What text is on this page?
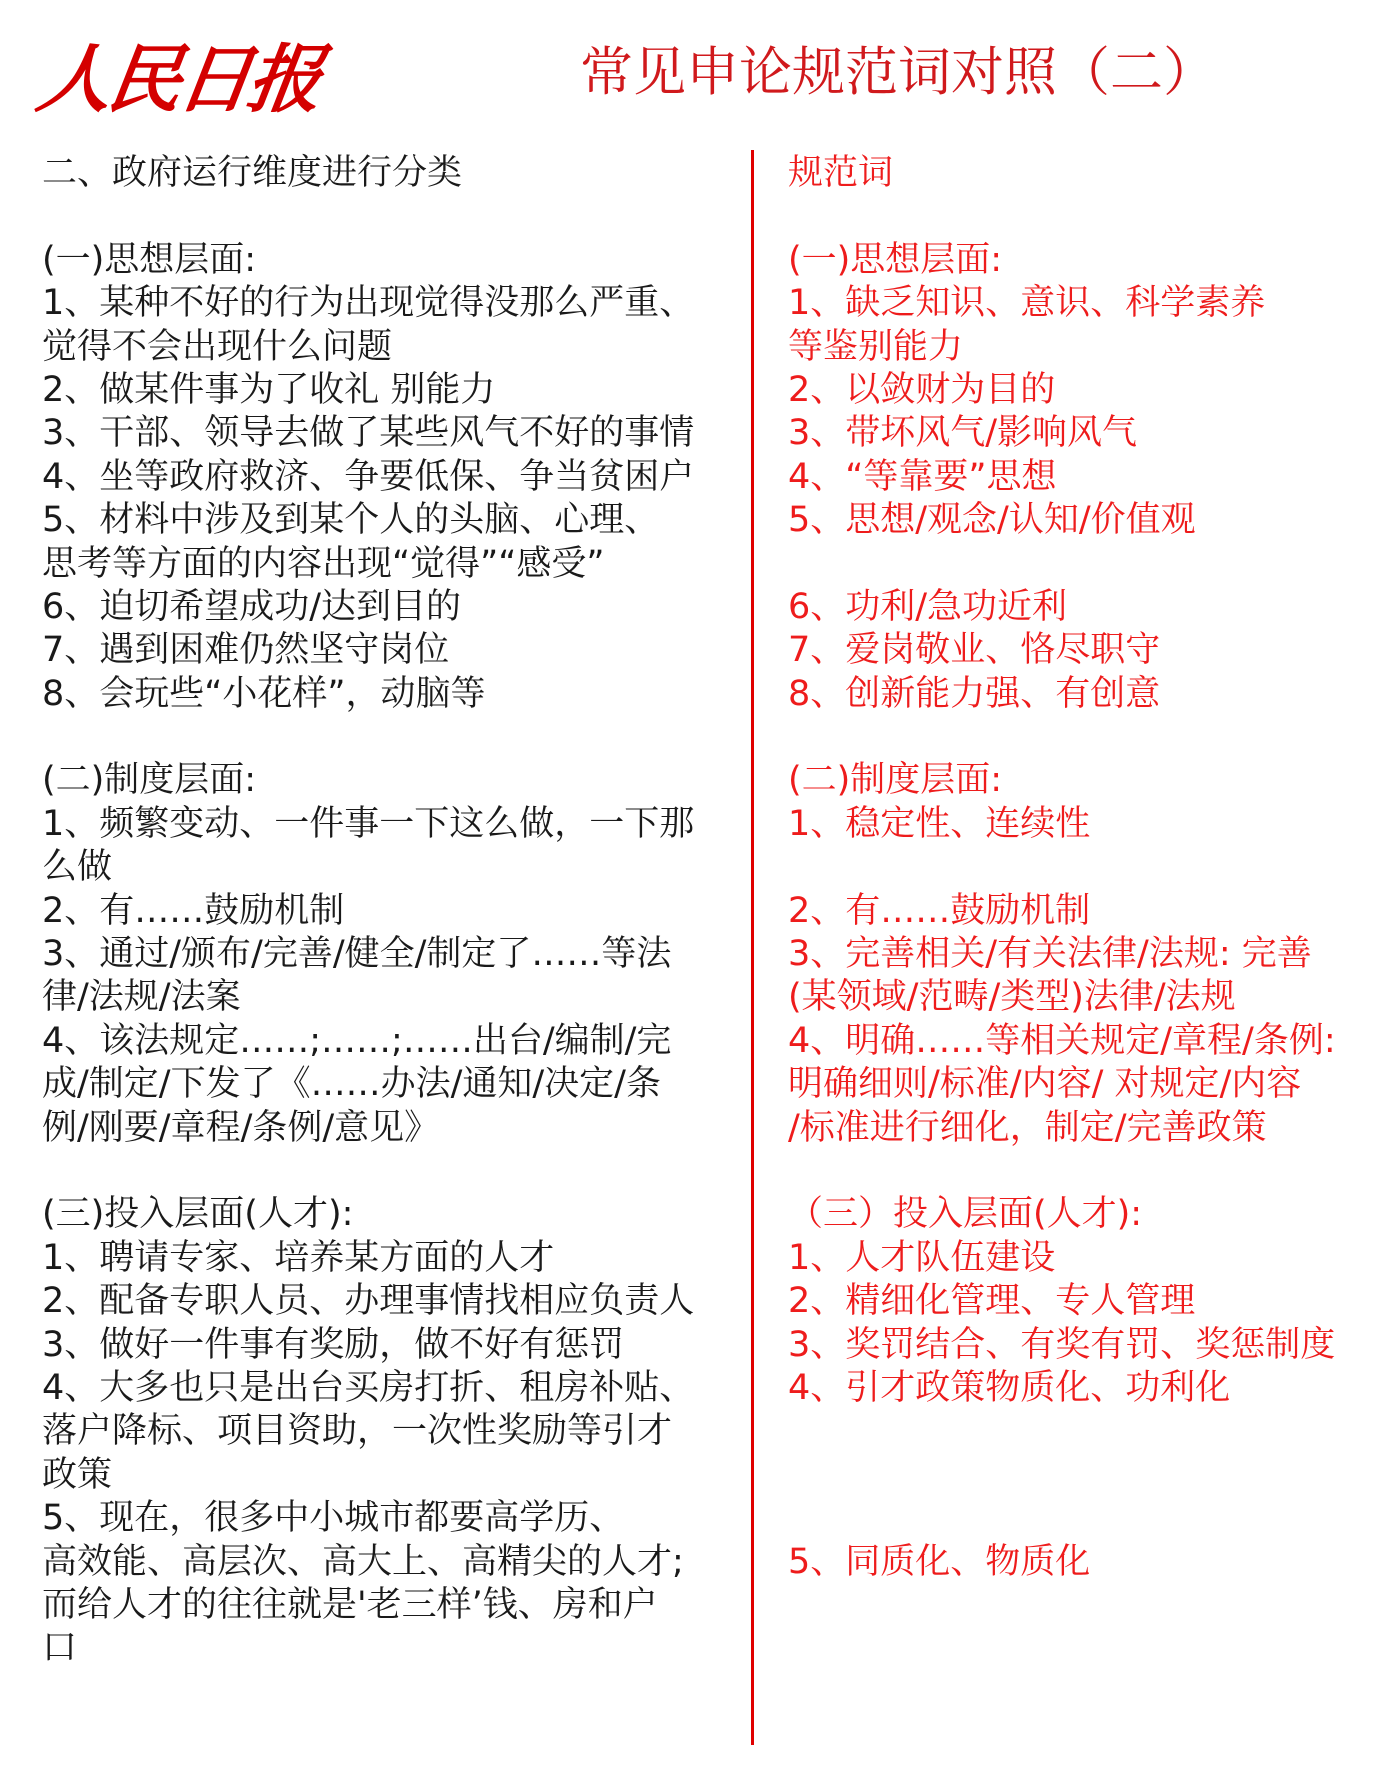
人民日报	常见申论规范词对照（二）
二、政府运行维度进行分类
(一)思想层面:
1、某种不好的行为出现觉得没那么严重、
觉得不会出现什么问题
2、做某件事为了收礼 别能力
3、干部、领导去做了某些风气不好的事情
4、坐等政府救济、争要低保、争当贫困户
5、材料中涉及到某个人的头脑、心理、
思考等方面的内容出现“觉得”“感受”
6、迫切希望成功/达到目的
7、遇到困难仍然坚守岗位
8、会玩些“小花样”，动脑等
(二)制度层面:
1、频繁变动、一件事一下这么做，一下那
么做
2、有……鼓励机制
3、通过/颁布/完善/健全/制定了……等法
律/法规/法案
4、该法规定……;……;……出台/编制/完
成/制定/下发了《……办法/通知/决定/条
例/刚要/章程/条例/意见》
(三)投入层面(人才):
1、聘请专家、培养某方面的人才
2、配备专职人员、办理事情找相应负责人
3、做好一件事有奖励，做不好有惩罚
4、大多也只是出台买房打折、租房补贴、
落户降标、项目资助，一次性奖励等引才
政策
5、现在，很多中小城市都要高学历、
高效能、高层次、高大上、高精尖的人才;
而给人才的往往就是'老三样’钱、房和户
口
规范词
(一)思想层面:
1、缺乏知识、意识、科学素养
等鉴别能力
2、以敛财为目的
3、带坏风气/影响风气
4、“等靠要”思想
5、思想/观念/认知/价值观
6、功利/急功近利
7、爱岗敬业、恪尽职守
8、创新能力强、有创意
(二)制度层面:
1、稳定性、连续性
2、有……鼓励机制
3、完善相关/有关法律/法规: 完善
(某领域/范畴/类型)法律/法规
4、明确……等相关规定/章程/条例:
明确细则/标准/内容/ 对规定/内容
/标准进行细化，制定/完善政策
（三）投入层面(人才):
1、人才队伍建设
2、精细化管理、专人管理
3、奖罚结合、有奖有罚、奖惩制度
4、引才政策物质化、功利化
5、同质化、物质化
